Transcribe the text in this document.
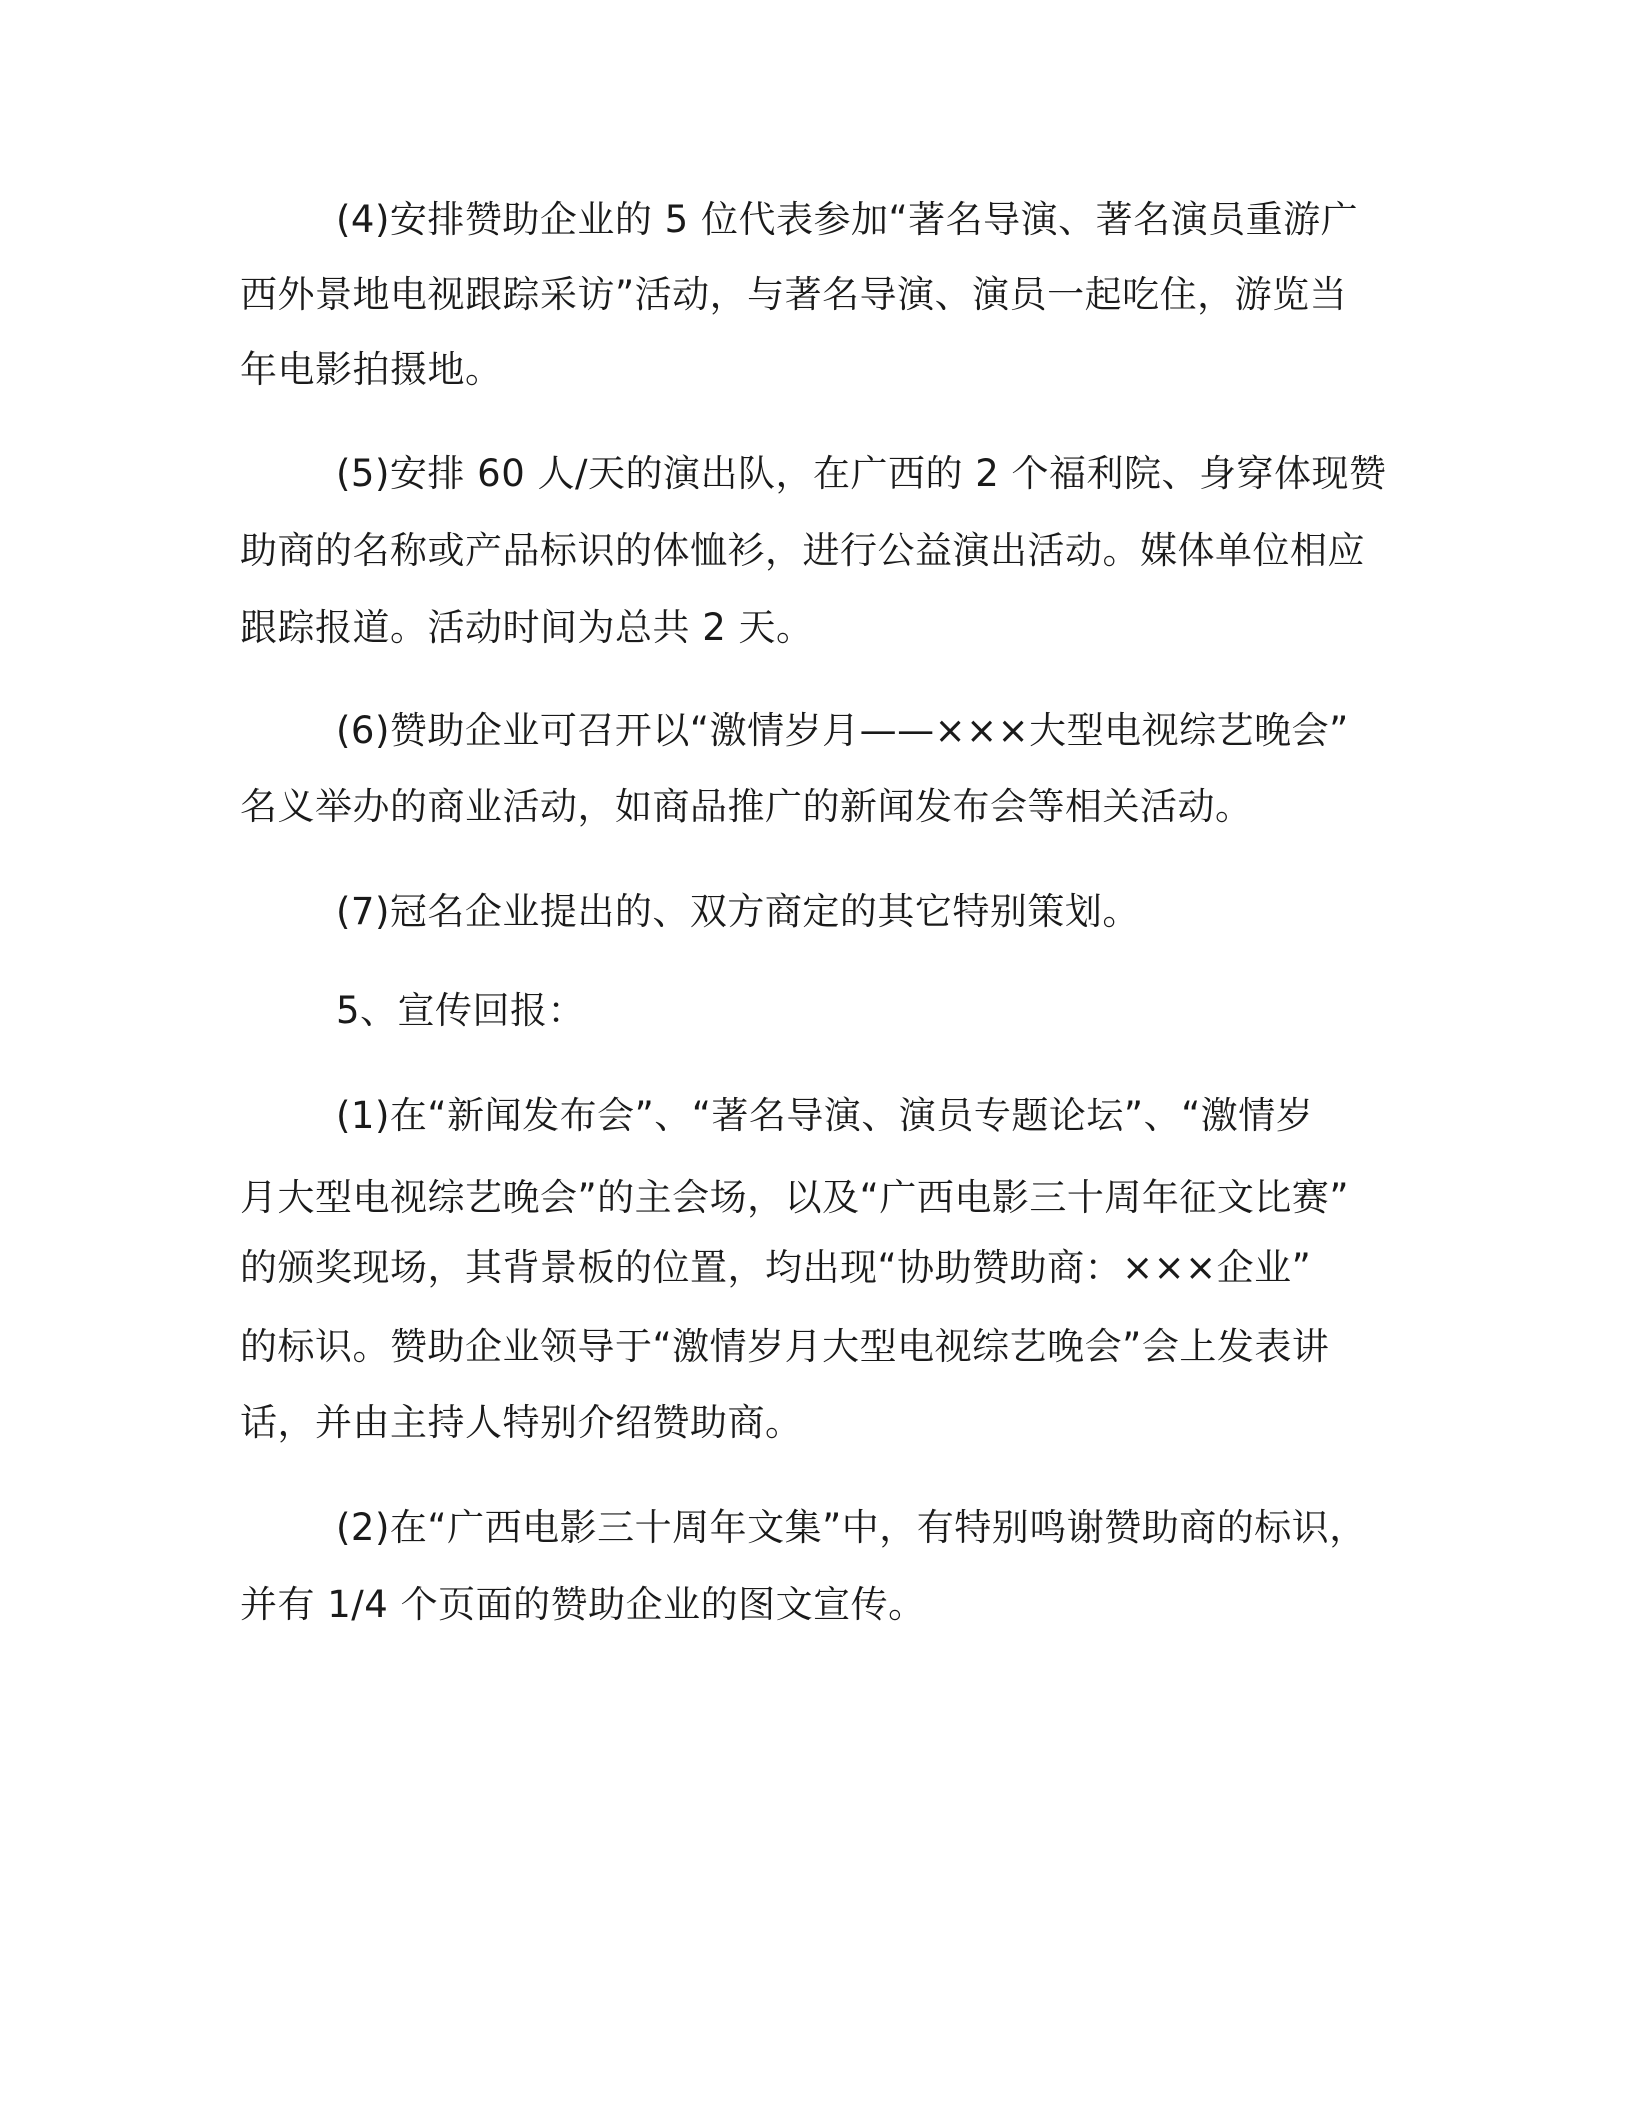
(4)安排赞助企业的 5 位代表参加“著名导演、著名演员重游广
西外景地电视跟踪采访”活动，与著名导演、演员一起吃住，游览当
年电影拍摄地。
(5)安排 60 人/天的演出队，在广西的 2 个福利院、身穿体现赞
助商的名称或产品标识的体恤衫，进行公益演出活动。媒体单位相应
跟踪报道。活动时间为总共 2 天。
(6)赞助企业可召开以“激情岁月——×××大型电视综艺晚会”
名义举办的商业活动，如商品推广的新闻发布会等相关活动。
(7)冠名企业提出的、双方商定的其它特别策划。
5、宣传回报：
(1)在“新闻发布会”、“著名导演、演员专题论坛”、“激情岁
月大型电视综艺晚会”的主会场，以及“广西电影三十周年征文比赛”
的颁奖现场，其背景板的位置，均出现“协助赞助商：×××企业”
的标识。赞助企业领导于“激情岁月大型电视综艺晚会”会上发表讲
话，并由主持人特别介绍赞助商。
(2)在“广西电影三十周年文集”中，有特别鸣谢赞助商的标识，
并有 1/4 个页面的赞助企业的图文宣传。
